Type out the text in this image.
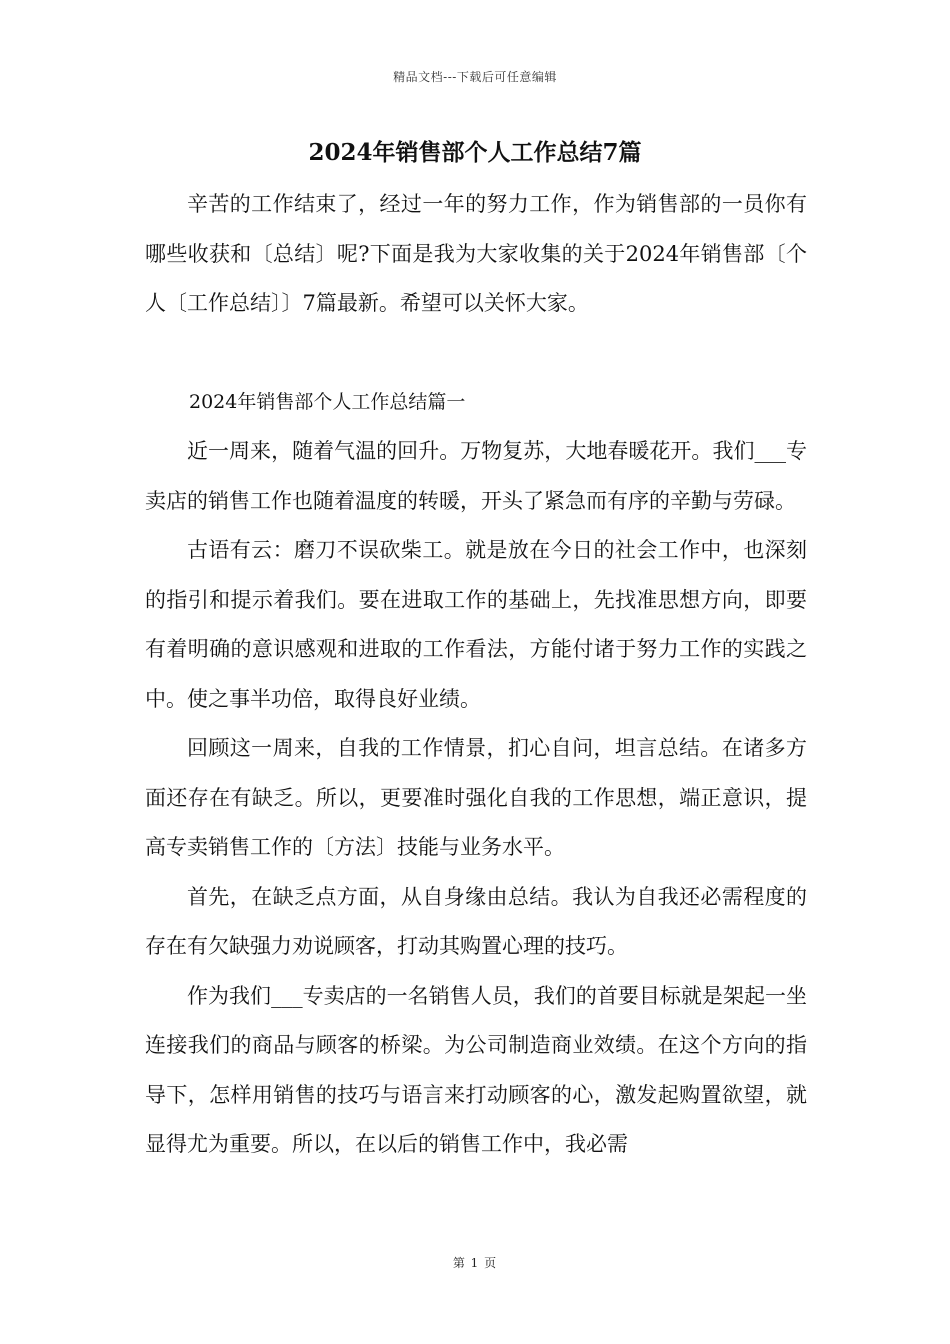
精品文档---下载后可任意编辑
2024年销售部个人工作总结7篇

辛苦的工作结束了，经过一年的努力工作，作为销售部的一员你有哪些收获和〔总结〕呢?下面是我为大家收集的关于2024年销售部〔个人〔工作总结〕〕7篇最新。希望可以关怀大家。

2024年销售部个人工作总结篇一

近一周来，随着气温的回升。万物复苏，大地春暖花开。我们___专卖店的销售工作也随着温度的转暖，开头了紧急而有序的辛勤与劳碌。

古语有云：磨刀不误砍柴工。就是放在今日的社会工作中，也深刻的指引和提示着我们。要在进取工作的基础上，先找准思想方向，即要有着明确的意识感观和进取的工作看法，方能付诸于努力工作的实践之中。使之事半功倍，取得良好业绩。

回顾这一周来，自我的工作情景，扪心自问，坦言总结。在诸多方面还存在有缺乏。所以，更要准时强化自我的工作思想，端正意识，提高专卖销售工作的〔方法〕技能与业务水平。

首先，在缺乏点方面，从自身缘由总结。我认为自我还必需程度的存在有欠缺强力劝说顾客，打动其购置心理的技巧。

作为我们___专卖店的一名销售人员，我们的首要目标就是架起一坐连接我们的商品与顾客的桥梁。为公司制造商业效绩。在这个方向的指导下，怎样用销售的技巧与语言来打动顾客的心，激发起购置欲望，就显得尤为重要。所以，在以后的销售工作中，我必需

第 1 页
